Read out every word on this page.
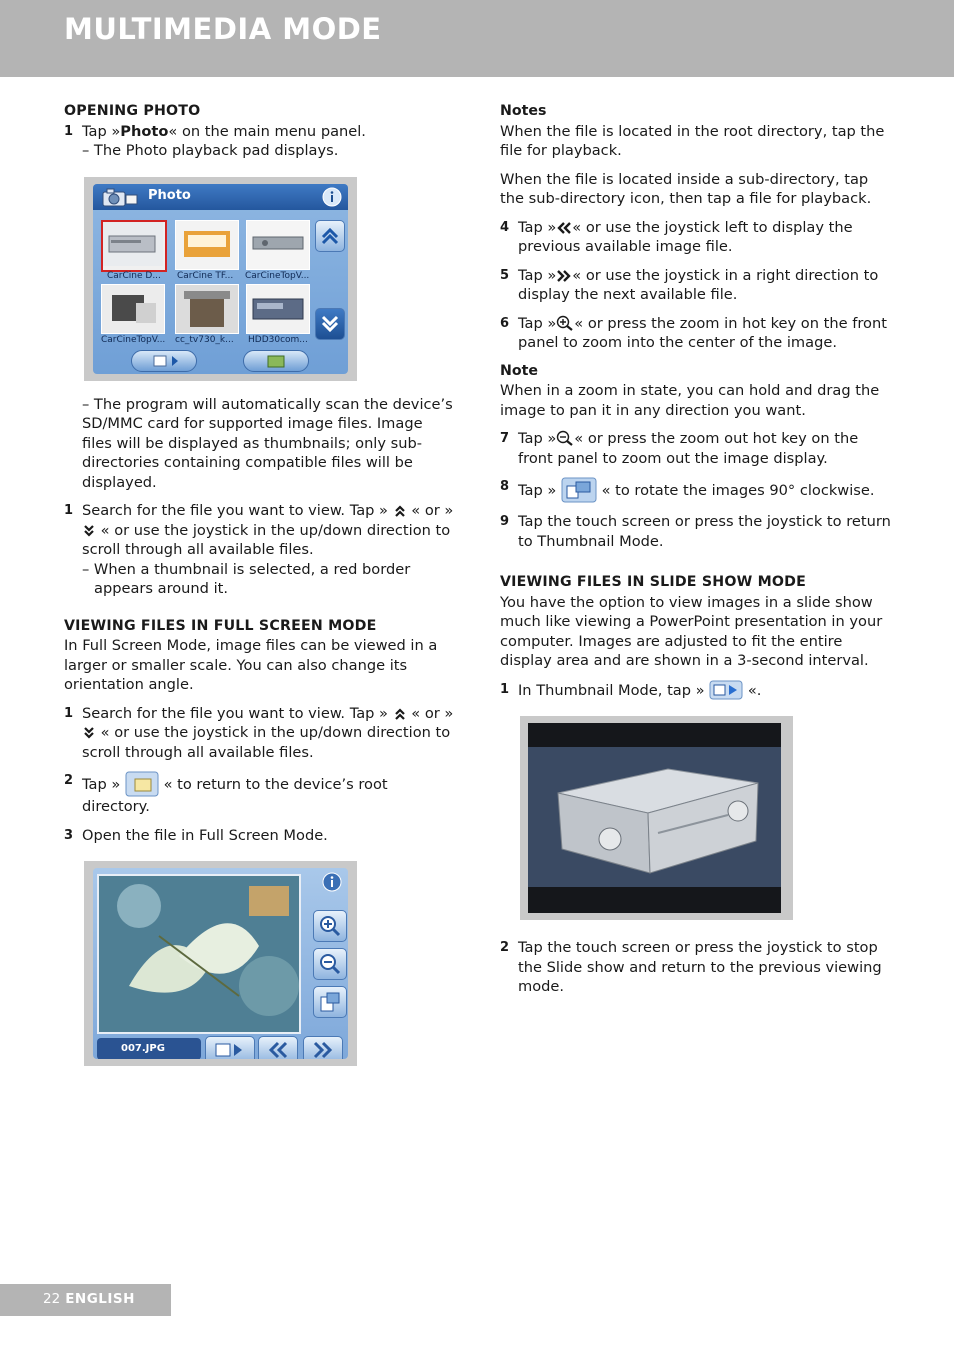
MULTIMEDIA MODE
OPENING PHOTO
1 Tap »Photo« on the main menu panel.

– The Photo playback pad displays.

Photo
CarCine D...	CarCine TF...	CarCineTopV...
CarCineTopV...	cc_tv730_k...	HDD30com...
– The program will automatically scan the device’s SD/MMC card for supported image files. Image files will be displayed as thumbnails; only sub-directories containing compatible files will be displayed.
1 Search for the file you want to view. Tap » « or »
« or use the joystick in the up/down direction to scroll through all available files.
– When a thumbnail is selected, a red border appears around it.
VIEWING FILES IN FULL SCREEN MODE

In Full Screen Mode, image files can be viewed in a larger or smaller scale. You can also change its orientation angle.

1 Search for the file you want to view. Tap » « or »
« or use the joystick in the up/down direction to scroll through all available files.
2 Tap »	« to return to the device’s root directory.
3 Open the file in Full Screen Mode.
007.JPG
Notes

When the file is located in the root directory, tap the file for playback.

When the file is located inside a sub-directory, tap the sub-directory icon, then tap a file for playback.

4 Tap » « or use the joystick left to display the previous available image file.
5 Tap » « or use the joystick in a right direction to display the next available file.
6 Tap » « or press the zoom in hot key on the front panel to zoom into the center of the image.
Note

When in a zoom in state, you can hold and drag the image to pan it in any direction you want.

7 Tap » « or press the zoom out hot key on the front panel to zoom out the image display.
8 Tap »	« to rotate the images 90° clockwise.
9 Tap the touch screen or press the joystick to return to Thumbnail Mode.
VIEWING FILES IN SLIDE SHOW MODE

You have the option to view images in a slide show much like viewing a PowerPoint presentation in your computer. Images are adjusted to fit the entire display area and are shown in a 3-second interval.

1 In Thumbnail Mode, tap »	«.
2 Tap the touch screen or press the joystick to stop the Slide show and return to the previous viewing mode.
22 ENGLISH
